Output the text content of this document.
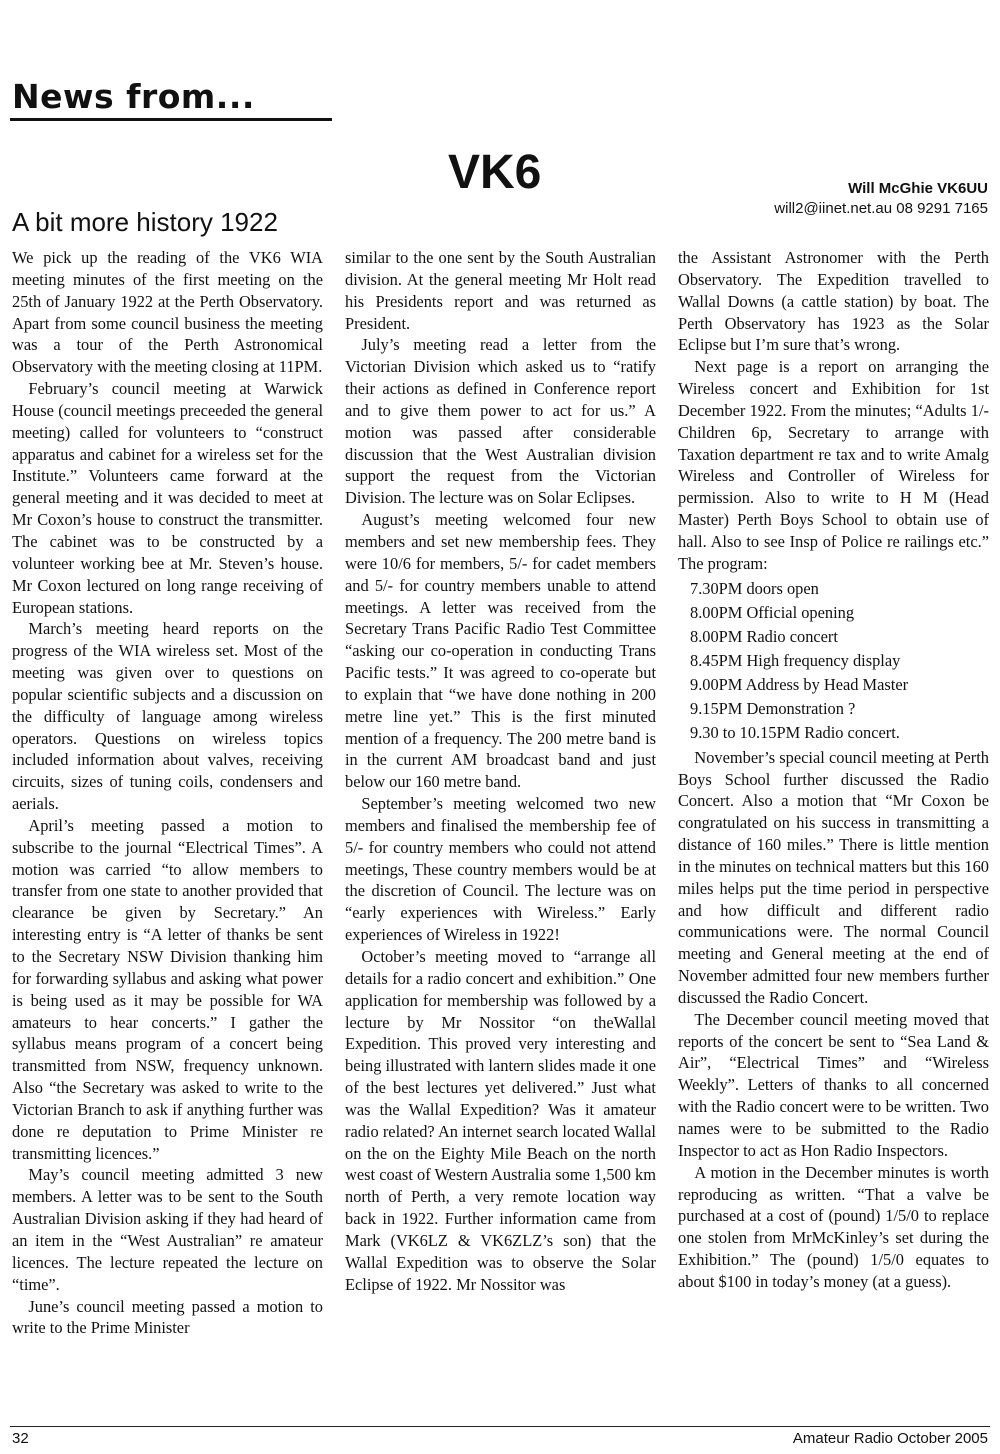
News from...
VK6	Will McGhie VK6UU
will2@iinet.net.au 08 9291 7165
A bit more history 1922

We pick up the reading of the VK6 WIA meeting minutes of the first meeting on the 25th of January 1922 at the Perth Observatory. Apart from some council business the meeting was a tour of the Perth Astronomical Observatory with the meeting closing at 11PM.

February’s council meeting at Warwick House (council meetings preceeded the general meeting) called for volunteers to “construct apparatus and cabinet for a wireless set for the Institute.” Volunteers came forward at the general meeting and it was decided to meet at Mr Coxon’s house to construct the transmitter. The cabinet was to be constructed by a volunteer working bee at Mr. Steven’s house. Mr Coxon lectured on long range receiving of European stations.

March’s meeting heard reports on the progress of the WIA wireless set. Most of the meeting was given over to questions on popular scientific subjects and a discussion on the difficulty of language among wireless operators. Questions on wireless topics included information about valves, receiving circuits, sizes of tuning coils, condensers and aerials.

April’s meeting passed a motion to subscribe to the journal “Electrical Times”. A motion was carried “to allow members to transfer from one state to another provided that clearance be given by Secretary.” An interesting entry is “A letter of thanks be sent to the Secretary NSW Division thanking him for forwarding syllabus and asking what power is being used as it may be possible for WA amateurs to hear concerts.” I gather the syllabus means program of a concert being transmitted from NSW, frequency unknown. Also “the Secretary was asked to write to the Victorian Branch to ask if anything further was done re deputation to Prime Minister re transmitting licences.”

May’s council meeting admitted 3 new members. A letter was to be sent to the South Australian Division asking if they had heard of an item in the “West Australian” re amateur licences. The lecture repeated the lecture on “time”.

June’s council meeting passed a motion to write to the Prime Minister

similar to the one sent by the South Australian division. At the general meeting Mr Holt read his Presidents report and was returned as President.

July’s meeting read a letter from the Victorian Division which asked us to “ratify their actions as defined in Conference report and to give them power to act for us.” A motion was passed after considerable discussion that the West Australian division support the request from the Victorian Division. The lecture was on Solar Eclipses.

August’s meeting welcomed four new members and set new membership fees. They were 10/6 for members, 5/- for cadet members and 5/- for country members unable to attend meetings. A letter was received from the Secretary Trans Pacific Radio Test Committee “asking our co-operation in conducting Trans Pacific tests.” It was agreed to co-operate but to explain that “we have done nothing in 200 metre line yet.” This is the first minuted mention of a frequency. The 200 metre band is in the current AM broadcast band and just below our 160 metre band.

September’s meeting welcomed two new members and finalised the membership fee of 5/- for country members who could not attend meetings, These country members would be at the discretion of Council. The lecture was on “early experiences with Wireless.” Early experiences of Wireless in 1922!

October’s meeting moved to “arrange all details for a radio concert and exhibition.” One application for membership was followed by a lecture by Mr Nossitor “on theWallal Expedition. This proved very interesting and being illustrated with lantern slides made it one of the best lectures yet delivered.” Just what was the Wallal Expedition? Was it amateur radio related? An internet search located Wallal on the on the Eighty Mile Beach on the north west coast of Western Australia some 1,500 km north of Perth, a very remote location way back in 1922. Further information came from Mark (VK6LZ & VK6ZLZ’s son) that the Wallal Expedition was to observe the Solar Eclipse of 1922. Mr Nossitor was

the Assistant Astronomer with the Perth Observatory. The Expedition travelled to Wallal Downs (a cattle station) by boat. The Perth Observatory has 1923 as the Solar Eclipse but I’m sure that’s wrong.

Next page is a report on arranging the Wireless concert and Exhibition for 1st December 1922. From the minutes; “Adults 1/- Children 6p, Secretary to arrange with Taxation department re tax and to write Amalg Wireless and Controller of Wireless for permission. Also to write to H M (Head Master) Perth Boys School to obtain use of hall. Also to see Insp of Police re railings etc.” The program:

7.30PM doors open
8.00PM Official opening
8.00PM Radio concert
8.45PM High frequency display
9.00PM Address by Head Master
9.15PM Demonstration ?
9.30 to 10.15PM Radio concert.

November’s special council meeting at Perth Boys School further discussed the Radio Concert. Also a motion that “Mr Coxon be congratulated on his success in transmitting a distance of 160 miles.” There is little mention in the minutes on technical matters but this 160 miles helps put the time period in perspective and how difficult and different radio communications were. The normal Council meeting and General meeting at the end of November admitted four new members further discussed the Radio Concert.

The December council meeting moved that reports of the concert be sent to “Sea Land & Air”, “Electrical Times” and “Wireless Weekly”. Letters of thanks to all concerned with the Radio concert were to be written. Two names were to be submitted to the Radio Inspector to act as Hon Radio Inspectors.

A motion in the December minutes is worth reproducing as written. “That a valve be purchased at a cost of (pound) 1/5/0 to replace one stolen from MrMcKinley’s set during the Exhibition.” The (pound) 1/5/0 equates to about $100 in today’s money (at a guess).

32	Amateur Radio October 2005
